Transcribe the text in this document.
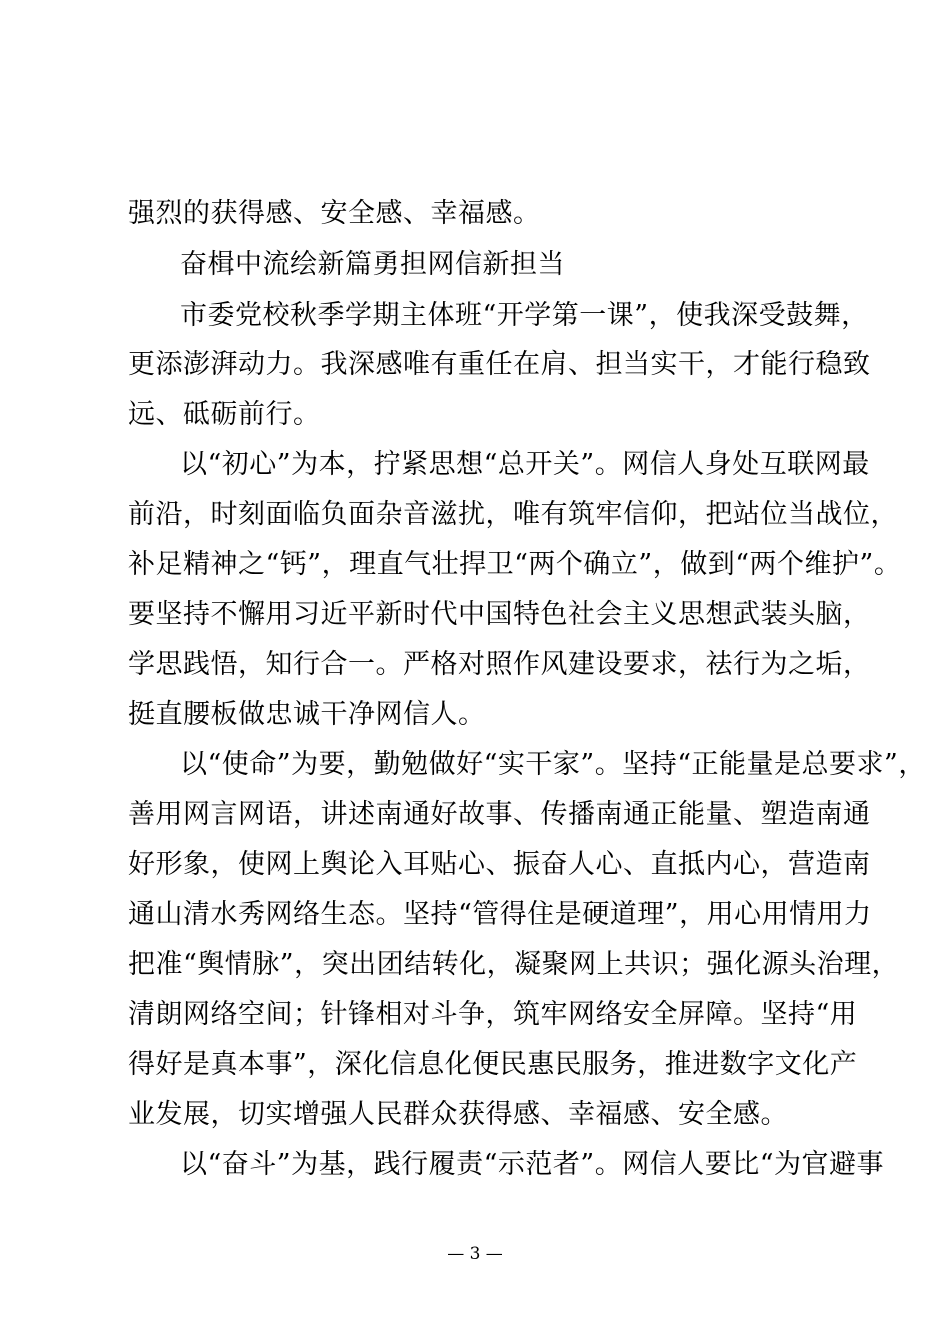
强烈的获得感、安全感、幸福感。
奋楫中流绘新篇勇担网信新担当
市委党校秋季学期主体班“开学第一课”，使我深受鼓舞，
更添澎湃动力。我深感唯有重任在肩、担当实干，才能行稳致
远、砥砺前行。
以“初心”为本，拧紧思想“总开关”。网信人身处互联网最
前沿，时刻面临负面杂音滋扰，唯有筑牢信仰，把站位当战位，
补足精神之“钙”，理直气壮捍卫“两个确立”，做到“两个维护”。
要坚持不懈用习近平新时代中国特色社会主义思想武装头脑，
学思践悟，知行合一。严格对照作风建设要求，祛行为之垢，
挺直腰板做忠诚干净网信人。
以“使命”为要，勤勉做好“实干家”。坚持“正能量是总要求”，
善用网言网语，讲述南通好故事、传播南通正能量、塑造南通
好形象，使网上舆论入耳贴心、振奋人心、直抵内心，营造南
通山清水秀网络生态。坚持“管得住是硬道理”，用心用情用力
把准“舆情脉”，突出团结转化，凝聚网上共识；强化源头治理，
清朗网络空间；针锋相对斗争，筑牢网络安全屏障。坚持“用
得好是真本事”，深化信息化便民惠民服务，推进数字文化产
业发展，切实增强人民群众获得感、幸福感、安全感。
以“奋斗”为基，践行履责“示范者”。网信人要比“为官避事
— 3 —
